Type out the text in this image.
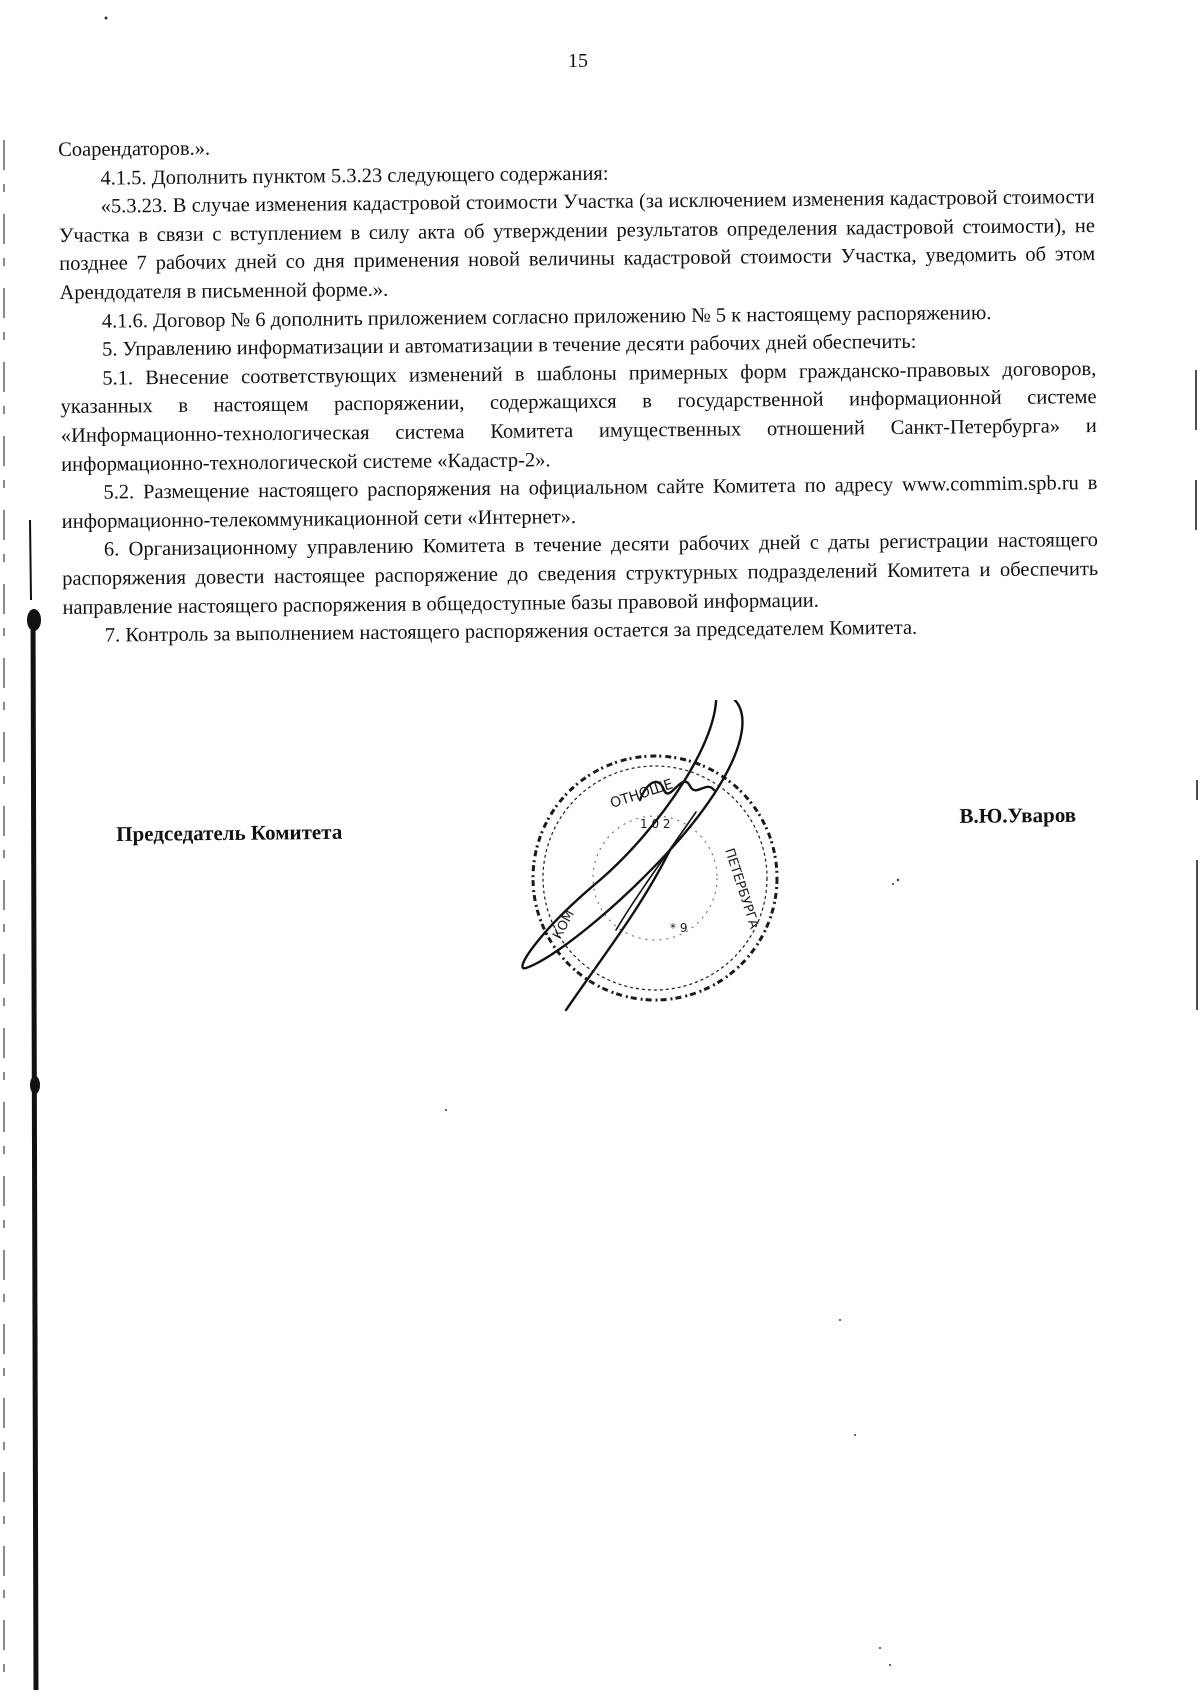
15

Соарендаторов.».

4.1.5. Дополнить пунктом 5.3.23 следующего содержания:

«5.3.23. В случае изменения кадастровой стоимости Участка (за исключением изменения кадастровой стоимости Участка в связи с вступлением в силу акта об утверждении результатов определения кадастровой стоимости), не позднее 7 рабочих дней со дня применения новой величины кадастровой стоимости Участка, уведомить об этом Арендодателя в письменной форме.».

4.1.6. Договор № 6 дополнить приложением согласно приложению № 5 к настоящему распоряжению.

5. Управлению информатизации и автоматизации в течение десяти рабочих дней обеспечить:

5.1. Внесение соответствующих изменений в шаблоны примерных форм гражданско-правовых договоров, указанных в настоящем распоряжении, содержащихся в государственной информационной системе «Информационно-технологическая система Комитета имущественных отношений Санкт-Петербурга» и информационно-технологической системе «Кадастр-2».

5.2. Размещение настоящего распоряжения на официальном сайте Комитета по адресу www.commim.spb.ru в информационно-телекоммуникационной сети «Интернет».

6. Организационному управлению Комитета в течение десяти рабочих дней с даты регистрации настоящего распоряжения довести настоящее распоряжение до сведения структурных подразделений Комитета и обеспечить направление настоящего распоряжения в общедоступные базы правовой информации.

7. Контроль за выполнением настоящего распоряжения остается за председателем Комитета.

Председатель Комитета
В.Ю.Уваров
ОТНОШЕ
1 0 2
ПЕТЕРБУРГА
КОМ	* 9
